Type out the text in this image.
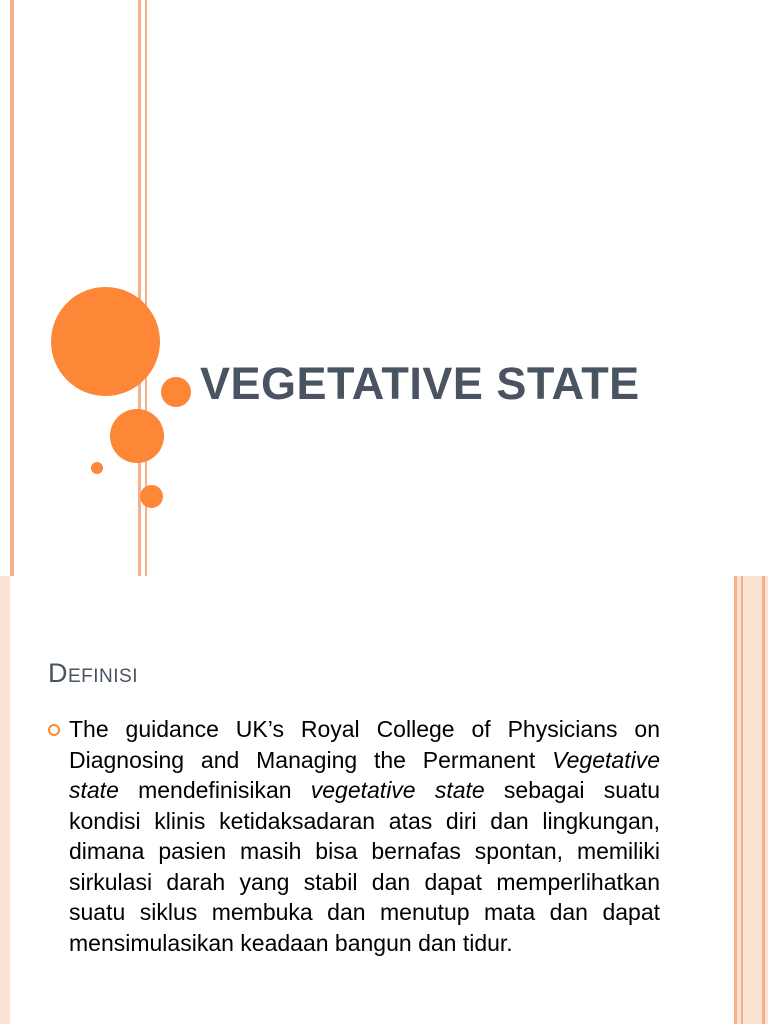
VEGETATIVE STATE
Definisi
The guidance UK’s Royal College of Physicians on Diagnosing and Managing the Permanent Vegetative state mendefinisikan vegetative state sebagai suatu kondisi klinis ketidaksadaran atas diri dan lingkungan, dimana pasien masih bisa bernafas spontan, memiliki sirkulasi darah yang stabil dan dapat memperlihatkan suatu siklus membuka dan menutup mata dan dapat mensimulasikan keadaan bangun dan tidur.
